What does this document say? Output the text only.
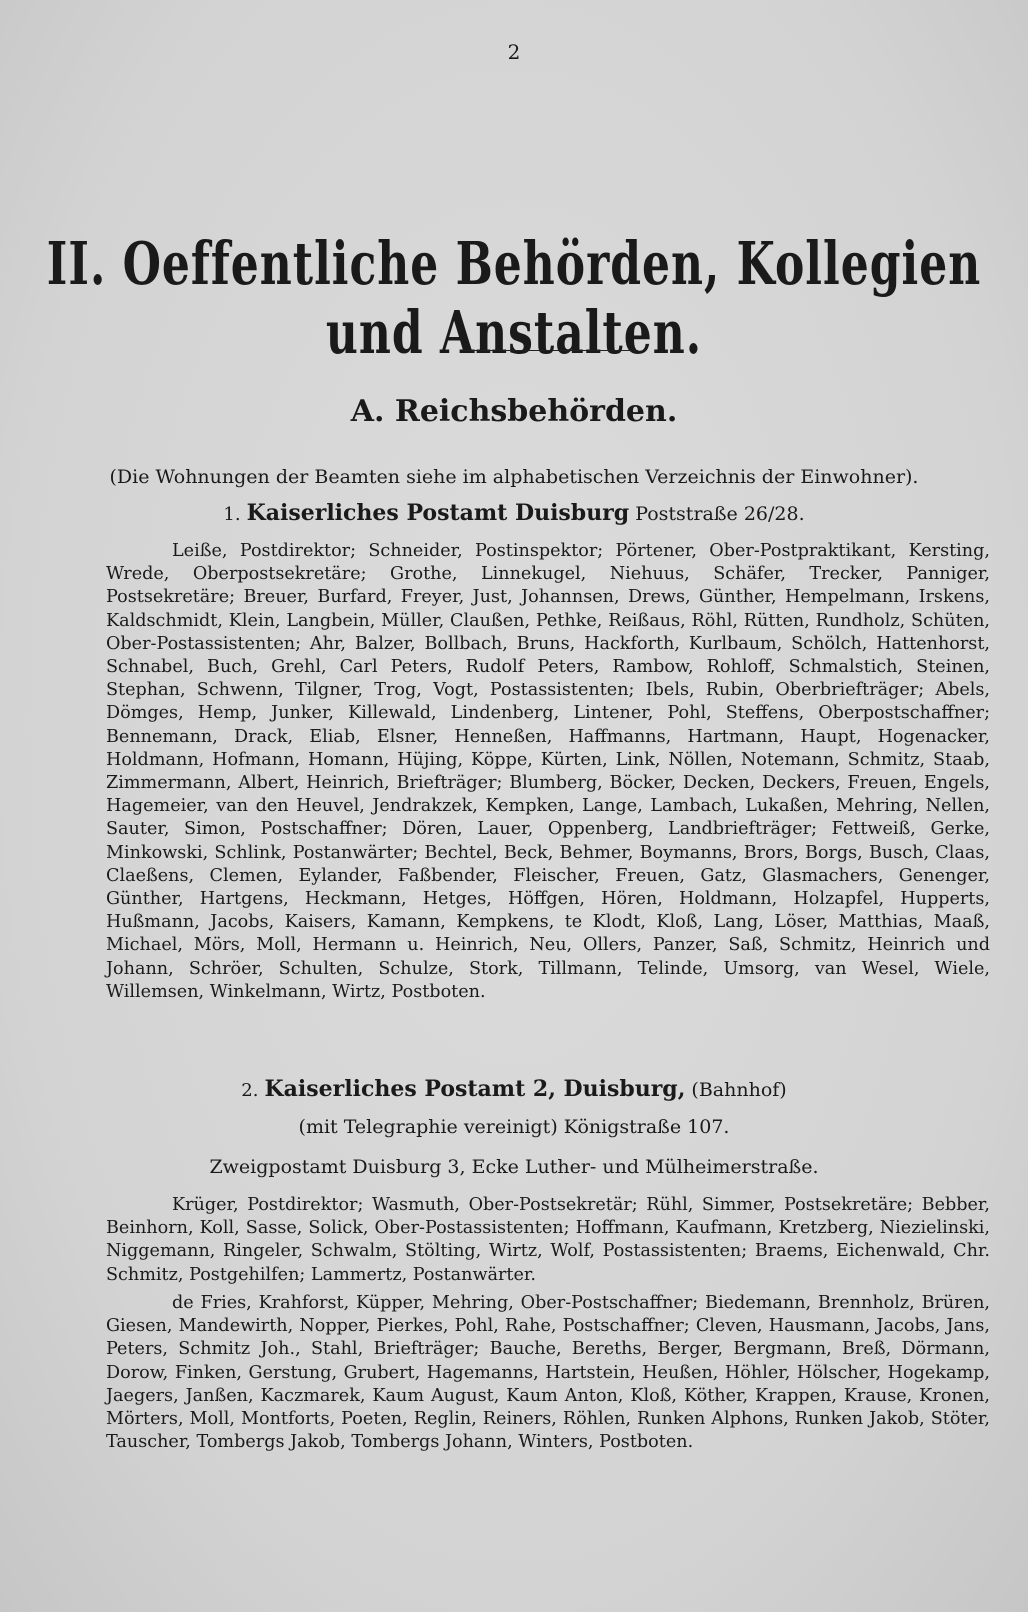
2
II. Oeffentliche Behörden, Kollegien und Anstalten.
A. Reichsbehörden.
(Die Wohnungen der Beamten siehe im alphabetischen Verzeichnis der Einwohner).
1. Kaiserliches Postamt Duisburg Poststraße 26/28.

Leiße, Postdirektor; Schneider, Postinspektor; Pörtener, Ober-Postpraktikant, Kersting, Wrede, Oberpostsekretäre; Grothe, Linnekugel, Niehuus, Schäfer, Trecker, Panniger, Postsekretäre; Breuer, Burfard, Freyer, Just, Johannsen, Drews, Günther, Hempelmann, Irskens, Kaldschmidt, Klein, Langbein, Müller, Claußen, Pethke, Reißaus, Röhl, Rütten, Rundholz, Schüten, Ober-Postassistenten; Ahr, Balzer, Bollbach, Bruns, Hackforth, Kurlbaum, Schölch, Hattenhorst, Schnabel, Buch, Grehl, Carl Peters, Rudolf Peters, Rambow, Rohloff, Schmalstich, Steinen, Stephan, Schwenn, Tilgner, Trog, Vogt, Postassistenten; Ibels, Rubin, Oberbriefträger; Abels, Dömges, Hemp, Junker, Killewald, Lindenberg, Lintener, Pohl, Steffens, Oberpostschaffner; Bennemann, Drack, Eliab, Elsner, Henneßen, Haffmanns, Hartmann, Haupt, Hogenacker, Holdmann, Hofmann, Homann, Hüjing, Köppe, Kürten, Link, Nöllen, Notemann, Schmitz, Staab, Zimmermann, Albert, Heinrich, Briefträger; Blumberg, Böcker, Decken, Deckers, Freuen, Engels, Hagemeier, van den Heuvel, Jendrakzek, Kempken, Lange, Lambach, Lukaßen, Mehring, Nellen, Sauter, Simon, Postschaffner; Dören, Lauer, Oppenberg, Landbriefträger; Fettweiß, Gerke, Minkowski, Schlink, Postanwärter; Bechtel, Beck, Behmer, Boymanns, Brors, Borgs, Busch, Claas, Claeßens, Clemen, Eylander, Faßbender, Fleischer, Freuen, Gatz, Glasmachers, Genenger, Günther, Hartgens, Heckmann, Hetges, Höffgen, Hören, Holdmann, Holzapfel, Hupperts, Hußmann, Jacobs, Kaisers, Kamann, Kempkens, te Klodt, Kloß, Lang, Löser, Matthias, Maaß, Michael, Mörs, Moll, Hermann u. Heinrich, Neu, Ollers, Panzer, Saß, Schmitz, Heinrich und Johann, Schröer, Schulten, Schulze, Stork, Tillmann, Telinde, Umsorg, van Wesel, Wiele, Willemsen, Winkelmann, Wirtz, Postboten.

2. Kaiserliches Postamt 2, Duisburg, (Bahnhof)
(mit Telegraphie vereinigt) Königstraße 107.
Zweigpostamt Duisburg 3, Ecke Luther- und Mülheimerstraße.

Krüger, Postdirektor; Wasmuth, Ober-Postsekretär; Rühl, Simmer, Postsekretäre; Bebber, Beinhorn, Koll, Sasse, Solick, Ober-Postassistenten; Hoffmann, Kaufmann, Kretzberg, Niezielinski, Niggemann, Ringeler, Schwalm, Stölting, Wirtz, Wolf, Postassistenten; Braems, Eichenwald, Chr. Schmitz, Postgehilfen; Lammertz, Postanwärter.

de Fries, Krahforst, Küpper, Mehring, Ober-Postschaffner; Biedemann, Brennholz, Brüren, Giesen, Mandewirth, Nopper, Pierkes, Pohl, Rahe, Postschaffner; Cleven, Hausmann, Jacobs, Jans, Peters, Schmitz Joh., Stahl, Briefträger; Bauche, Bereths, Berger, Bergmann, Breß, Dörmann, Dorow, Finken, Gerstung, Grubert, Hagemanns, Hartstein, Heußen, Höhler, Hölscher, Hogekamp, Jaegers, Janßen, Kaczmarek, Kaum August, Kaum Anton, Kloß, Köther, Krappen, Krause, Kronen, Mörters, Moll, Montforts, Poeten, Reglin, Reiners, Röhlen, Runken Alphons, Runken Jakob, Stöter, Tauscher, Tombergs Jakob, Tombergs Johann, Winters, Postboten.
